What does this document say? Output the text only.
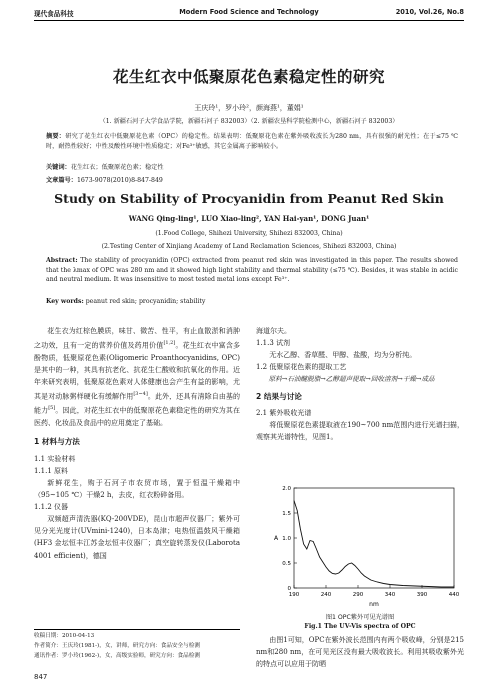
现代食品科技	Modern Food Science and Technology	2010, Vol.26, No.8
花生红衣中低聚原花色素稳定性的研究
王庆玲¹，罗小玲²，颜海燕¹，董娟¹
（1. 新疆石河子大学食品学院，新疆石河子 832003）（2. 新疆农垦科学院检测中心，新疆石河子 832003）
摘要：研究了花生红衣中低聚原花色素（OPC）的稳定性。结果表明：低聚原花色素在紫外吸收波长为280 nm，具有很强的耐光性；在于≤75 ℃时，耐热性较好；中性及酸性环境中性质稳定；对Fe³⁺敏感，其它金属离子影响较小。
关键词：花生红衣；低聚原花色素；稳定性
文章篇号：1673-9078(2010)8-847-849
Study on Stability of Procyanidin from Peanut Red Skin
WANG Qing-ling¹, LUO Xiao-ling², YAN Hai-yan¹, DONG Juan¹
(1.Food College, Shihezi University, Shihezi 832003, China)
(2.Testing Center of Xinjiang Academy of Land Reclamation Sciences, Shihezi 832003, China)
Abstract: The stability of procyanidin (OPC) extracted from peanut red skin was investigated in this paper. The results showed that the λmax of OPC was 280 nm and it showed high light stability and thermal stability (≤75 ℃). Besides, it was stable in acidic and neutral medium. It was insensitive to most tested metal ions except Fe³⁺.
Key words: peanut red skin; procyanidin; stability

花生衣为红棕色膜质，味甘、微苦、性平，有止血散淤和消肿之功效，且有一定的营养价值及药用价值[1,2]。花生红衣中富含多酚物质，低聚原花色素(Oligomeric Proanthocyanidins, OPC)是其中的一种，其具有抗老化、抗花生仁酸败和抗氧化的作用。近年来研究表明，低聚原花色素对人体健康也会产生有益的影响，尤其是对动脉粥样硬化有缓解作用[3~4]。此外，还具有清除自由基的能力[5]。因此，对花生红衣中的低聚原花色素稳定性的研究为其在医药、化妆品及食品中的应用奠定了基础。

1 材料与方法
1.1 实验材料
1.1.1 原料

新鲜花生，购于石河子市农贸市场，置于恒温干燥箱中（95~105 ℃）干燥2 h，去皮，红衣粉碎备用。

1.1.2 仪器

双频超声清洗器(KQ-200VDE)，昆山市超声仪器厂；紫外可见分光光度计(UVmini-1240)，日本岛津；电热恒温鼓风干燥箱(HF3 金坛恒丰江苏金坛恒丰仪器厂；真空旋转蒸发仪(Laborota 4001 efficient)，德国

收稿日期：2010-04-13
作者简介：王庆玲(1981-)，女，讲师，研究方向：食品安全与检测
通讯作者：罗小玲(1962-)，女，高级实验师，研究方向：食品检测
847

海道尔夫。

1.1.3 试剂

无水乙醇、香草醛、甲醇、盐酸，均为分析纯。

1.2 低聚原花色素的提取工艺

原料→石油醚脱脂→乙醇超声提取→回收溶剂→干燥→成品

2 结果与讨论
2.1 紫外吸收光谱

将低聚原花色素提取液在190~700 nm范围内进行光谱扫描，观察其光谱特性，见图1。

190	240	290	340	390	440
0
0.5
1.0
1.5
2.0
A
nm
图1 OPC紫外可见光谱图
Fig.1 The UV-Vis spectra of OPC

由图1可知，OPC在紫外波长范围内有两个吸收峰，分别是215 nm和280 nm，在可见光区没有最大吸收波长。利用其吸收紫外光的特点可以应用于防晒
